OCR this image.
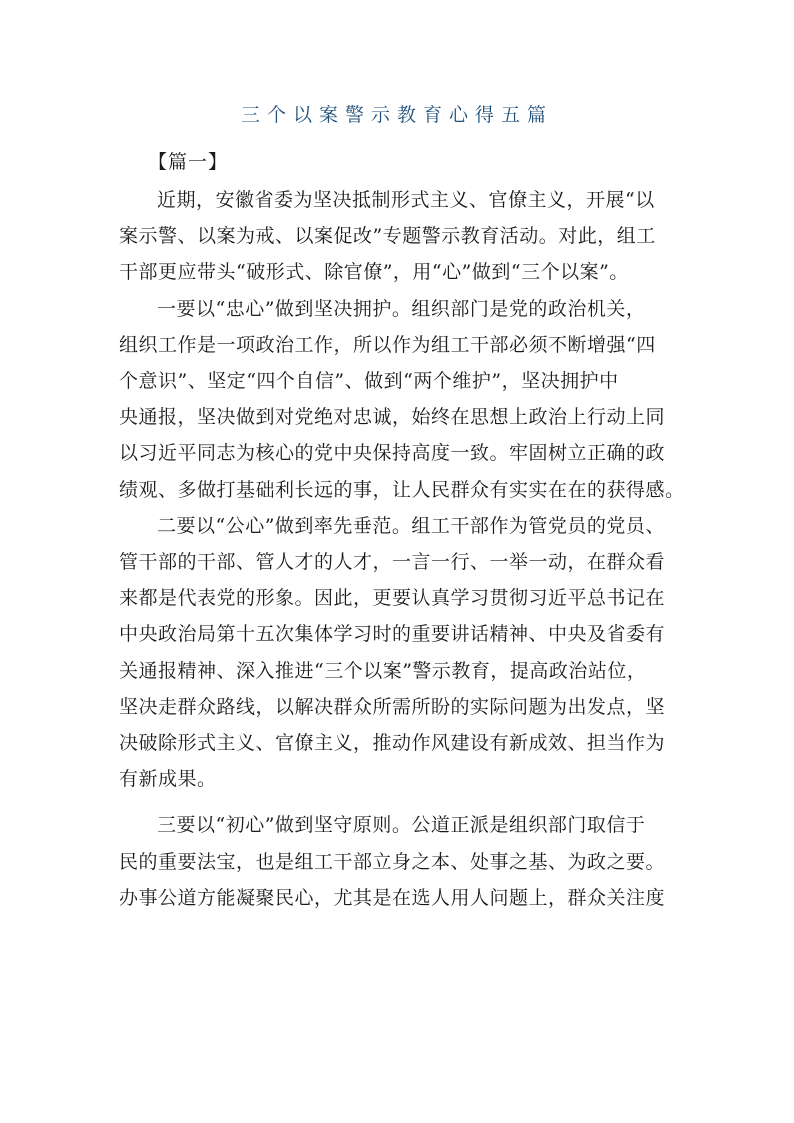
三个以案警示教育心得五篇
【篇一】

近期，安徽省委为坚决抵制形式主义、官僚主义，开展“以
案示警、以案为戒、以案促改”专题警示教育活动。对此，组工
干部更应带头“破形式、除官僚”，用“心”做到“三个以案”。

一要以“忠心”做到坚决拥护。组织部门是党的政治机关，
组织工作是一项政治工作，所以作为组工干部必须不断增强“四
个意识”、坚定“四个自信”、做到“两个维护”，坚决拥护中
央通报，坚决做到对党绝对忠诚，始终在思想上政治上行动上同
以习近平同志为核心的党中央保持高度一致。牢固树立正确的政
绩观、多做打基础利长远的事，让人民群众有实实在在的获得感。

二要以“公心”做到率先垂范。组工干部作为管党员的党员、
管干部的干部、管人才的人才，一言一行、一举一动，在群众看
来都是代表党的形象。因此，更要认真学习贯彻习近平总书记在
中央政治局第十五次集体学习时的重要讲话精神、中央及省委有
关通报精神、深入推进“三个以案”警示教育，提高政治站位，
坚决走群众路线，以解决群众所需所盼的实际问题为出发点，坚
决破除形式主义、官僚主义，推动作风建设有新成效、担当作为
有新成果。

三要以“初心”做到坚守原则。公道正派是组织部门取信于
民的重要法宝，也是组工干部立身之本、处事之基、为政之要。
办事公道方能凝聚民心，尤其是在选人用人问题上，群众关注度
